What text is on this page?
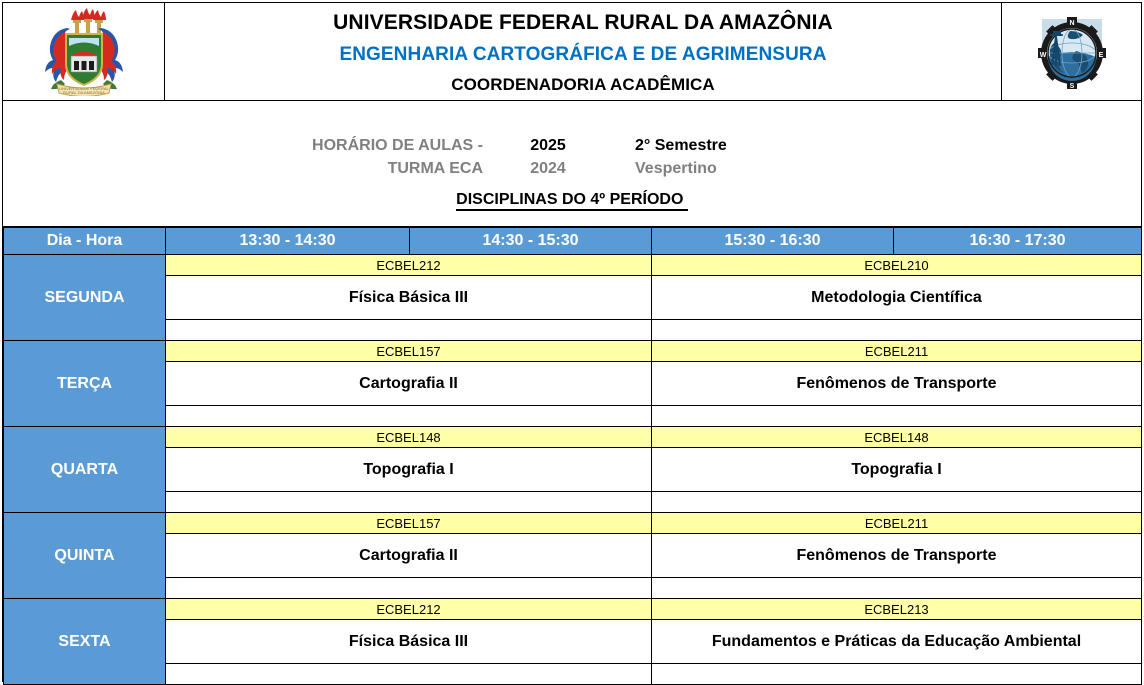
UNIVERSIDADE FEDERAL
RURAL DA AMAZÔNIA
UNIVERSIDADE FEDERAL RURAL DA AMAZÔNIA
ENGENHARIA CARTOGRÁFICA E DE AGRIMENSURA
COORDENADORIA ACADÊMICA
N
S
W	E
HORÁRIO DE AULAS -	2025	2° Semestre
TURMA ECA	2024	Vespertino
DISCIPLINAS DO 4º PERÍODO
Dia - Hora	13:30 - 14:30	14:30 - 15:30	15:30 - 16:30	16:30 - 17:30
SEGUNDA	ECBEL212		ECBEL210	
	Física Básica III		Metodologia Científica	

TERÇA	ECBEL157		ECBEL211	
	Cartografia II		Fenômenos de Transporte	

QUARTA	ECBEL148		ECBEL148	
	Topografia I		Topografia I	

QUINTA	ECBEL157		ECBEL211	
	Cartografia II		Fenômenos de Transporte	

SEXTA	ECBEL212		ECBEL213	
	Física Básica III		Fundamentos e Práticas da Educação Ambiental	
